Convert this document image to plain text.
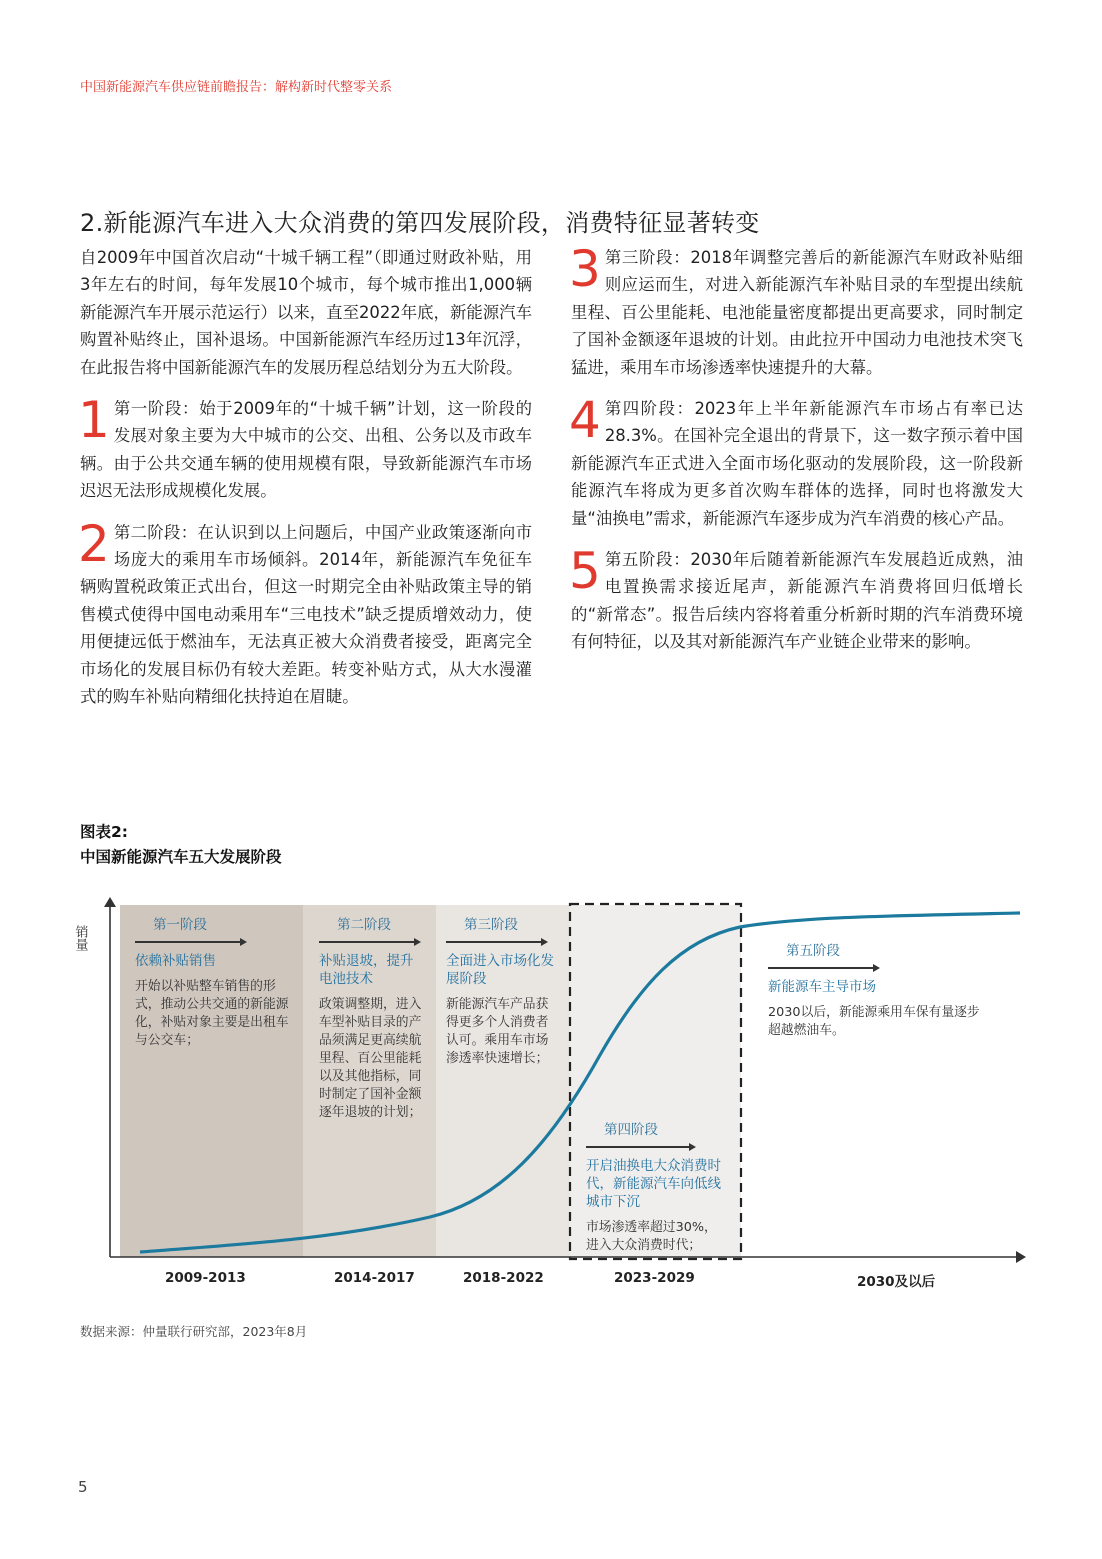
中国新能源汽车供应链前瞻报告：解构新时代整零关系
2.新能源汽车进入大众消费的第四发展阶段，消费特征显著转变

自2009年中国首次启动“十城千辆工程”（即通过财政补贴，用3年左右的时间，每年发展10个城市，每个城市推出1,000辆新能源汽车开展示范运行）以来，直至2022年底，新能源汽车购置补贴终止，国补退场。中国新能源汽车经历过13年沉浮，在此报告将中国新能源汽车的发展历程总结划分为五大阶段。

1 第一阶段：始于2009年的“十城千辆”计划，这一阶段的发展对象主要为大中城市的公交、出租、公务以及市政车辆。由于公共交通车辆的使用规模有限，导致新能源汽车市场迟迟无法形成规模化发展。

2 第二阶段：在认识到以上问题后，中国产业政策逐渐向市场庞大的乘用车市场倾斜。2014年，新能源汽车免征车辆购置税政策正式出台，但这一时期完全由补贴政策主导的销售模式使得中国电动乘用车“三电技术”缺乏提质增效动力，使用便捷远低于燃油车，无法真正被大众消费者接受，距离完全市场化的发展目标仍有较大差距。转变补贴方式，从大水漫灌式的购车补贴向精细化扶持迫在眉睫。

3 第三阶段：2018年调整完善后的新能源汽车财政补贴细则应运而生，对进入新能源汽车补贴目录的车型提出续航里程、百公里能耗、电池能量密度都提出更高要求，同时制定了国补金额逐年退坡的计划。由此拉开中国动力电池技术突飞猛进，乘用车市场渗透率快速提升的大幕。

4 第四阶段：2023年上半年新能源汽车市场占有率已达28.3%。在国补完全退出的背景下，这一数字预示着中国新能源汽车正式进入全面市场化驱动的发展阶段，这一阶段新能源汽车将成为更多首次购车群体的选择，同时也将激发大量“油换电”需求，新能源汽车逐步成为汽车消费的核心产品。

5 第五阶段：2030年后随着新能源汽车发展趋近成熟，油电置换需求接近尾声，新能源汽车消费将回归低增长的“新常态”。报告后续内容将着重分析新时期的汽车消费环境有何特征，以及其对新能源汽车产业链企业带来的影响。

图表2:
中国新能源汽车五大发展阶段
销量	第一阶段
依赖补贴销售
开始以补贴整车销售的形式，推动公共交通的新能源化，补贴对象主要是出租车与公交车；
第二阶段
补贴退坡，提升电池技术
政策调整期，进入车型补贴目录的产品须满足更高续航里程、百公里能耗以及其他指标，同时制定了国补金额逐年退坡的计划；
第三阶段
全面进入市场化发展阶段
新能源汽车产品获得更多个人消费者认可。乘用车市场渗透率快速增长；
第四阶段
开启油换电大众消费时代，新能源汽车向低线城市下沉
市场渗透率超过30%，进入大众消费时代；
第五阶段
新能源车主导市场
2030以后，新能源乘用车保有量逐步超越燃油车。
2009-2013	2014-2017	2018-2022	2023-2029	2030及以后
数据来源：仲量联行研究部，2023年8月
5
